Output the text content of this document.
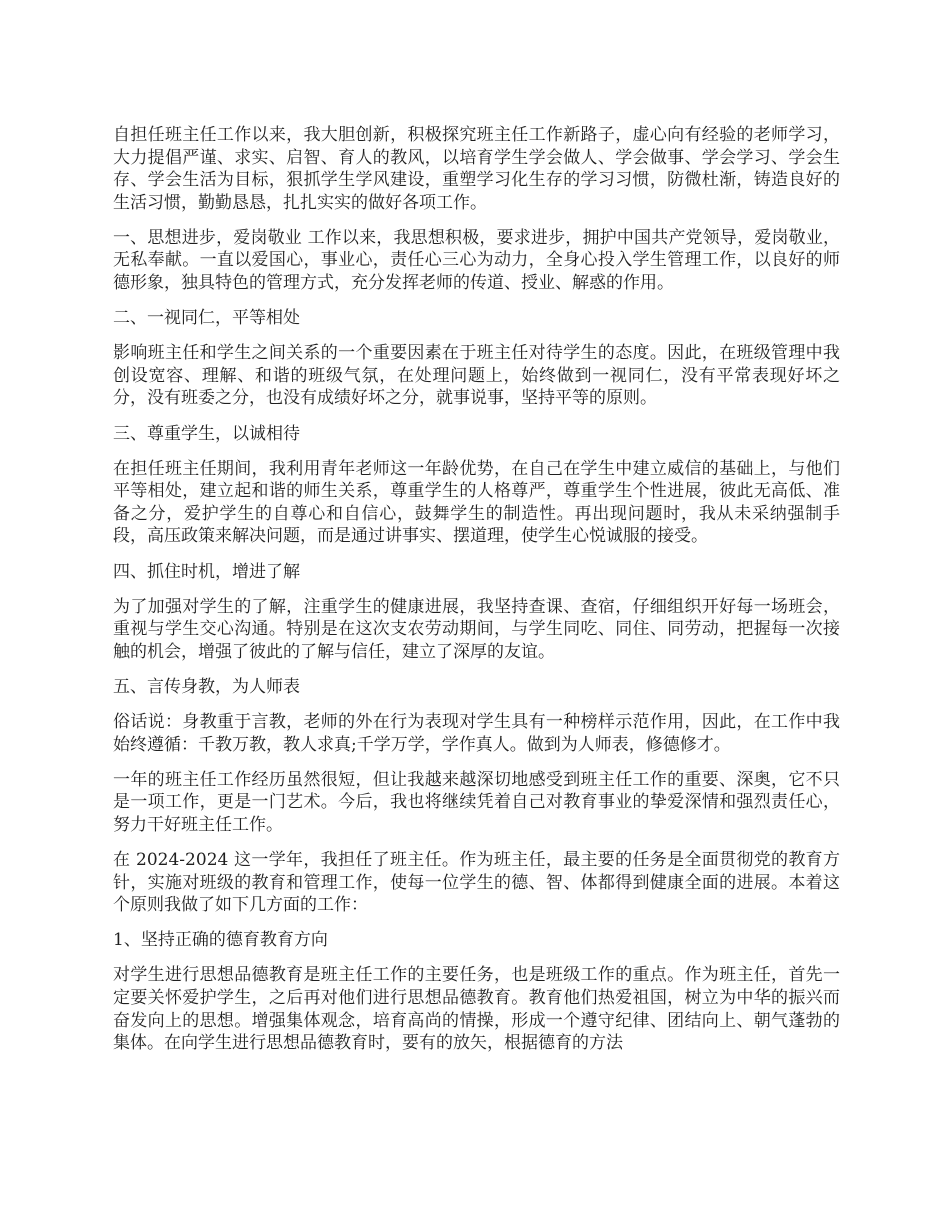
自担任班主任工作以来，我大胆创新，积极探究班主任工作新路子，虚心向有经验的老师学习，大力提倡严谨、求实、启智、育人的教风，以培育学生学会做人、学会做事、学会学习、学会生存、学会生活为目标，狠抓学生学风建设，重塑学习化生存的学习习惯，防微杜渐，铸造良好的生活习惯，勤勤恳恳，扎扎实实的做好各项工作。

一、思想进步，爱岗敬业 工作以来，我思想积极，要求进步，拥护中国共产党领导，爱岗敬业，无私奉献。一直以爱国心，事业心，责任心三心为动力，全身心投入学生管理工作，以良好的师德形象，独具特色的管理方式，充分发挥老师的传道、授业、解惑的作用。

二、一视同仁，平等相处

影响班主任和学生之间关系的一个重要因素在于班主任对待学生的态度。因此，在班级管理中我创设宽容、理解、和谐的班级气氛，在处理问题上，始终做到一视同仁，没有平常表现好坏之分，没有班委之分，也没有成绩好坏之分，就事说事，坚持平等的原则。

三、尊重学生，以诚相待

在担任班主任期间，我利用青年老师这一年龄优势，在自己在学生中建立威信的基础上，与他们平等相处，建立起和谐的师生关系，尊重学生的人格尊严，尊重学生个性进展，彼此无高低、准备之分，爱护学生的自尊心和自信心，鼓舞学生的制造性。再出现问题时，我从未采纳强制手段，高压政策来解决问题，而是通过讲事实、摆道理，使学生心悦诚服的接受。

四、抓住时机，增进了解

为了加强对学生的了解，注重学生的健康进展，我坚持查课、查宿，仔细组织开好每一场班会，重视与学生交心沟通。特别是在这次支农劳动期间，与学生同吃、同住、同劳动，把握每一次接触的机会，增强了彼此的了解与信任，建立了深厚的友谊。

五、言传身教，为人师表

俗话说：身教重于言教，老师的外在行为表现对学生具有一种榜样示范作用，因此，在工作中我始终遵循：千教万教，教人求真;千学万学，学作真人。做到为人师表，修德修才。

一年的班主任工作经历虽然很短，但让我越来越深切地感受到班主任工作的重要、深奥，它不只是一项工作，更是一门艺术。今后，我也将继续凭着自己对教育事业的挚爱深情和强烈责任心，努力干好班主任工作。

在 2024-2024 这一学年，我担任了班主任。作为班主任，最主要的任务是全面贯彻党的教育方针，实施对班级的教育和管理工作，使每一位学生的德、智、体都得到健康全面的进展。本着这个原则我做了如下几方面的工作：

1、坚持正确的德育教育方向

对学生进行思想品德教育是班主任工作的主要任务，也是班级工作的重点。作为班主任，首先一定要关怀爱护学生，之后再对他们进行思想品德教育。教育他们热爱祖国，树立为中华的振兴而奋发向上的思想。增强集体观念，培育高尚的情操，形成一个遵守纪律、团结向上、朝气蓬勃的集体。在向学生进行思想品德教育时，要有的放矢，根据德育的方法
